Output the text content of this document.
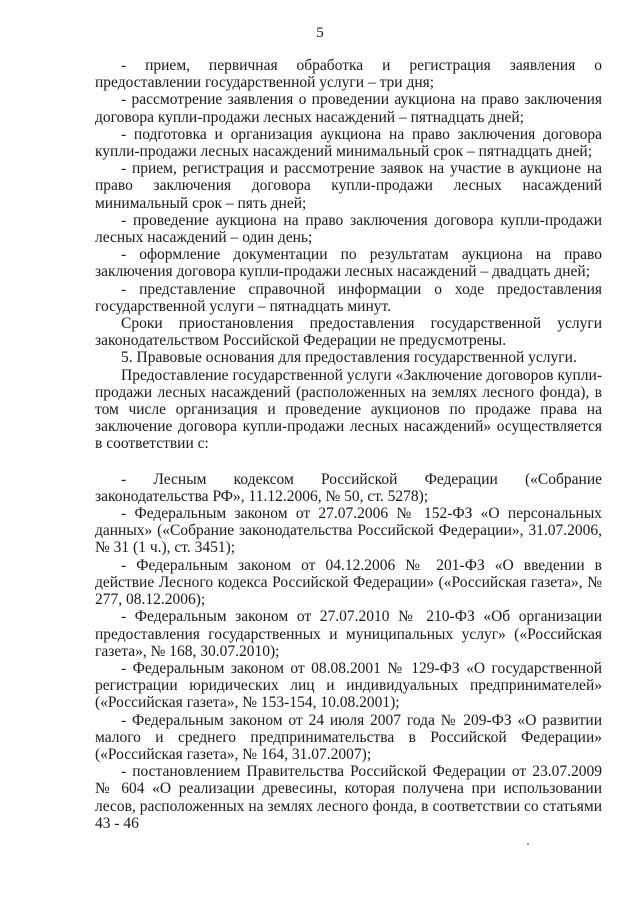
5

- прием, первичная обработка и регистрация заявления о предоставлении государственной услуги – три дня;

- рассмотрение заявления о проведении аукциона на право заключения договора купли-продажи лесных насаждений – пятнадцать дней;

- подготовка и организация аукциона на право заключения договора купли-продажи лесных насаждений минимальный срок – пятнадцать дней;

- прием, регистрация и рассмотрение заявок на участие в аукционе на право заключения договора купли-продажи лесных насаждений минимальный срок – пять дней;

- проведение аукциона на право заключения договора купли-продажи лесных насаждений – один день;

- оформление документации по результатам аукциона на право заключения договора купли-продажи лесных насаждений – двадцать дней;

- представление справочной информации о ходе предоставления государственной услуги – пятнадцать минут.

Сроки приостановления предоставления государственной услуги законодательством Российской Федерации не предусмотрены.

5. Правовые основания для предоставления государственной услуги.

Предоставление государственной услуги «Заключение договоров купли-продажи лесных насаждений (расположенных на землях лесного фонда), в том числе организация и проведение аукционов по продаже права на заключение договора купли-продажи лесных насаждений» осуществляется в соответствии с:

- Лесным кодексом Российской Федерации («Собрание законодательства РФ», 11.12.2006, № 50, ст. 5278);

- Федеральным законом от 27.07.2006 № 152-ФЗ «О персональных данных» («Собрание законодательства Российской Федерации», 31.07.2006, № 31 (1 ч.), ст. 3451);

- Федеральным законом от 04.12.2006 № 201-ФЗ «О введении в действие Лесного кодекса Российской Федерации» («Российская газета», № 277, 08.12.2006);

- Федеральным законом от 27.07.2010 № 210-ФЗ «Об организации предоставления государственных и муниципальных услуг» («Российская газета», № 168, 30.07.2010);

- Федеральным законом от 08.08.2001 № 129-ФЗ «О государственной регистрации юридических лиц и индивидуальных предпринимателей» («Российская газета», № 153-154, 10.08.2001);

- Федеральным законом от 24 июля 2007 года № 209-ФЗ «О развитии малого и среднего предпринимательства в Российской Федерации» («Российская газета», № 164, 31.07.2007);

- постановлением Правительства Российской Федерации от 23.07.2009 № 604 «О реализации древесины, которая получена при использовании лесов, расположенных на землях лесного фонда, в соответствии со статьями 43 - 46
